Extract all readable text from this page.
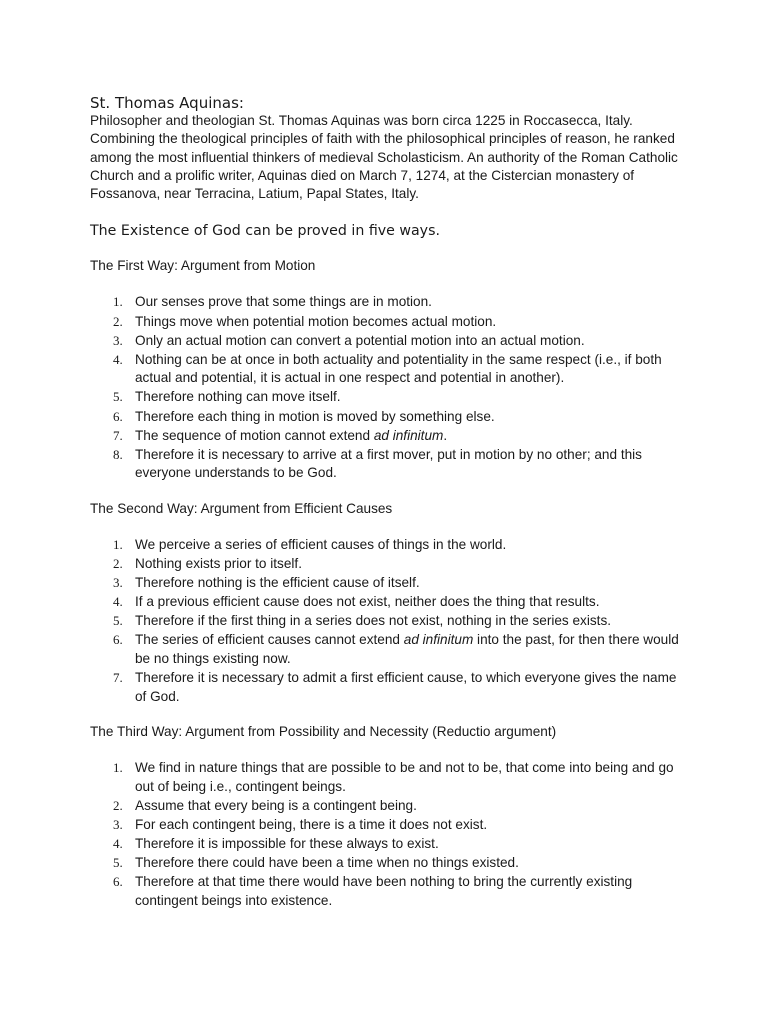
St. Thomas Aquinas:

Philosopher and theologian St. Thomas Aquinas was born circa 1225 in Roccasecca, Italy. Combining the theological principles of faith with the philosophical principles of reason, he ranked among the most influential thinkers of medieval Scholasticism. An authority of the Roman Catholic Church and a prolific writer, Aquinas died on March 7, 1274, at the Cistercian monastery of Fossanova, near Terracina, Latium, Papal States, Italy.

The Existence of God can be proved in five ways.

The First Way: Argument from Motion

1. Our senses prove that some things are in motion.
2. Things move when potential motion becomes actual motion.
3. Only an actual motion can convert a potential motion into an actual motion.
4. Nothing can be at once in both actuality and potentiality in the same respect (i.e., if both actual and potential, it is actual in one respect and potential in another).
5. Therefore nothing can move itself.
6. Therefore each thing in motion is moved by something else.
7. The sequence of motion cannot extend ad infinitum.
8. Therefore it is necessary to arrive at a first mover, put in motion by no other; and this everyone understands to be God.

The Second Way: Argument from Efficient Causes

1. We perceive a series of efficient causes of things in the world.
2. Nothing exists prior to itself.
3. Therefore nothing is the efficient cause of itself.
4. If a previous efficient cause does not exist, neither does the thing that results.
5. Therefore if the first thing in a series does not exist, nothing in the series exists.
6. The series of efficient causes cannot extend ad infinitum into the past, for then there would be no things existing now.
7. Therefore it is necessary to admit a first efficient cause, to which everyone gives the name of God.

The Third Way: Argument from Possibility and Necessity (Reductio argument)

1. We find in nature things that are possible to be and not to be, that come into being and go out of being i.e., contingent beings.
2. Assume that every being is a contingent being.
3. For each contingent being, there is a time it does not exist.
4. Therefore it is impossible for these always to exist.
5. Therefore there could have been a time when no things existed.
6. Therefore at that time there would have been nothing to bring the currently existing contingent beings into existence.
